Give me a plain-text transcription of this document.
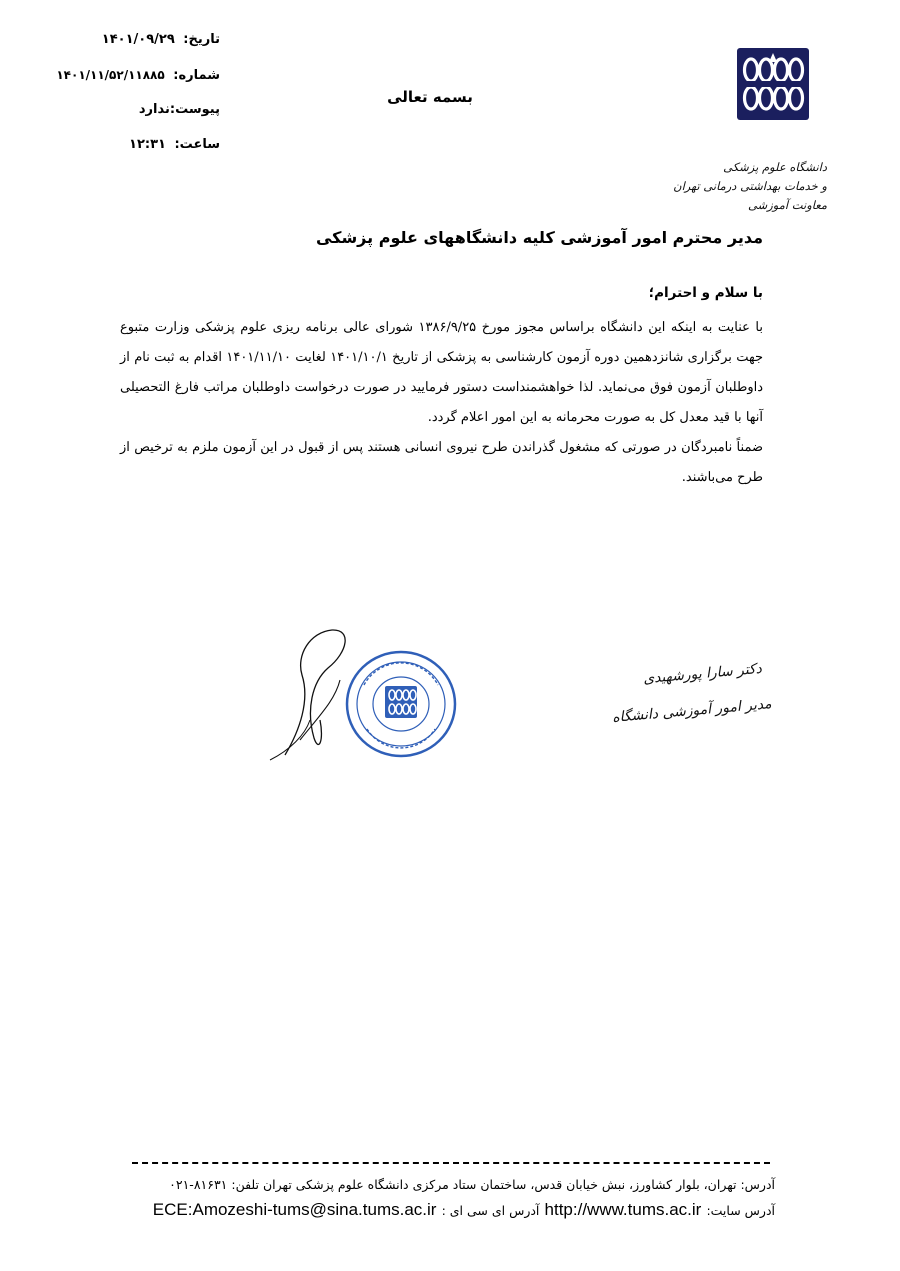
تاریخ: ۱۴۰۱/۰۹/۲۹
شماره: ۱۴۰۱/۱۱/۵۲/۱۱۸۸۵
پیوست:ندارد
ساعت: ۱۲:۳۱
بسمه تعالی
دانشگاه علوم پزشکی
و خدمات بهداشتی درمانی تهران
معاونت آموزشی
مدیر محترم امور آموزشی کلیه دانشگاههای علوم پزشکی
با سلام و احترام؛

با عنایت به اینکه این دانشگاه براساس مجوز مورخ ۱۳۸۶/۹/۲۵ شورای عالی برنامه ریزی علوم پزشکی وزارت متبوع جهت برگزاری شانزدهمین دوره آزمون کارشناسی به پزشکی از تاریخ ۱۴۰۱/۱۰/۱ لغایت ۱۴۰۱/۱۱/۱۰ اقدام به ثبت نام از داوطلبان آزمون فوق می‌نماید. لذا خواهشمنداست دستور فرمایید در صورت درخواست داوطلبان مراتب فارغ التحصیلی آنها با قید معدل کل به صورت محرمانه به این امور اعلام گردد.

ضمناً نامبردگان در صورتی که مشغول گذراندن طرح نیروی انسانی هستند پس از قبول در این آزمون ملزم به ترخیص از طرح می‌باشند.

دکتر سارا پورشهیدی
مدیر امور آموزشی دانشگاه
آدرس: تهران، بلوار کشاورز، نبش خیابان قدس، ساختمان ستاد مرکزی دانشگاه علوم پزشکی تهران تلفن: ۸۱۶۳۱-۰۲۱
آدرس سایت: http://www.tums.ac.ir آدرس ای سی ای : ECE:Amozeshi-tums@sina.tums.ac.ir
